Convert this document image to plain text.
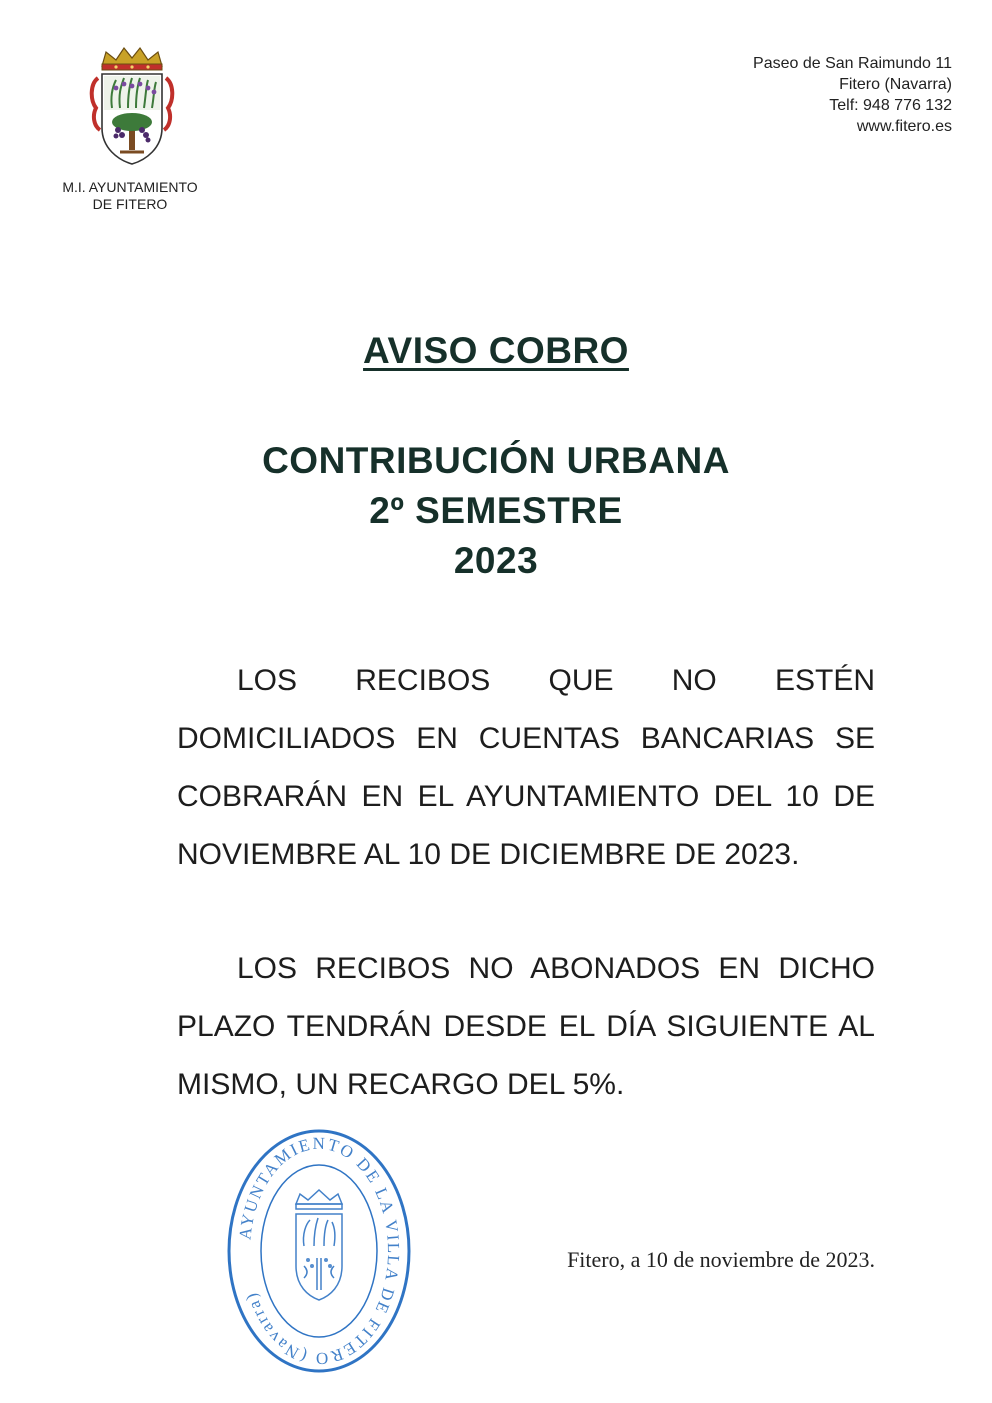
M.I. AYUNTAMIENTO
DE FITERO
Paseo de San Raimundo 11
Fitero (Navarra)
Telf: 948 776 132
www.fitero.es
AVISO COBRO
CONTRIBUCIÓN URBANA
2º SEMESTRE
2023

LOS RECIBOS QUE NO ESTÉN DOMICILIADOS EN CUENTAS BANCARIAS SE COBRARÁN EN EL AYUNTAMIENTO DEL 10 DE NOVIEMBRE AL 10 DE DICIEMBRE DE 2023.

LOS RECIBOS NO ABONADOS EN DICHO PLAZO TENDRÁN DESDE EL DÍA SIGUIENTE AL MISMO, UN RECARGO DEL 5%.

AYUNTAMIENTO DE LA VILLA DE FITERO (Navarra)
Fitero, a 10 de noviembre de 2023.
